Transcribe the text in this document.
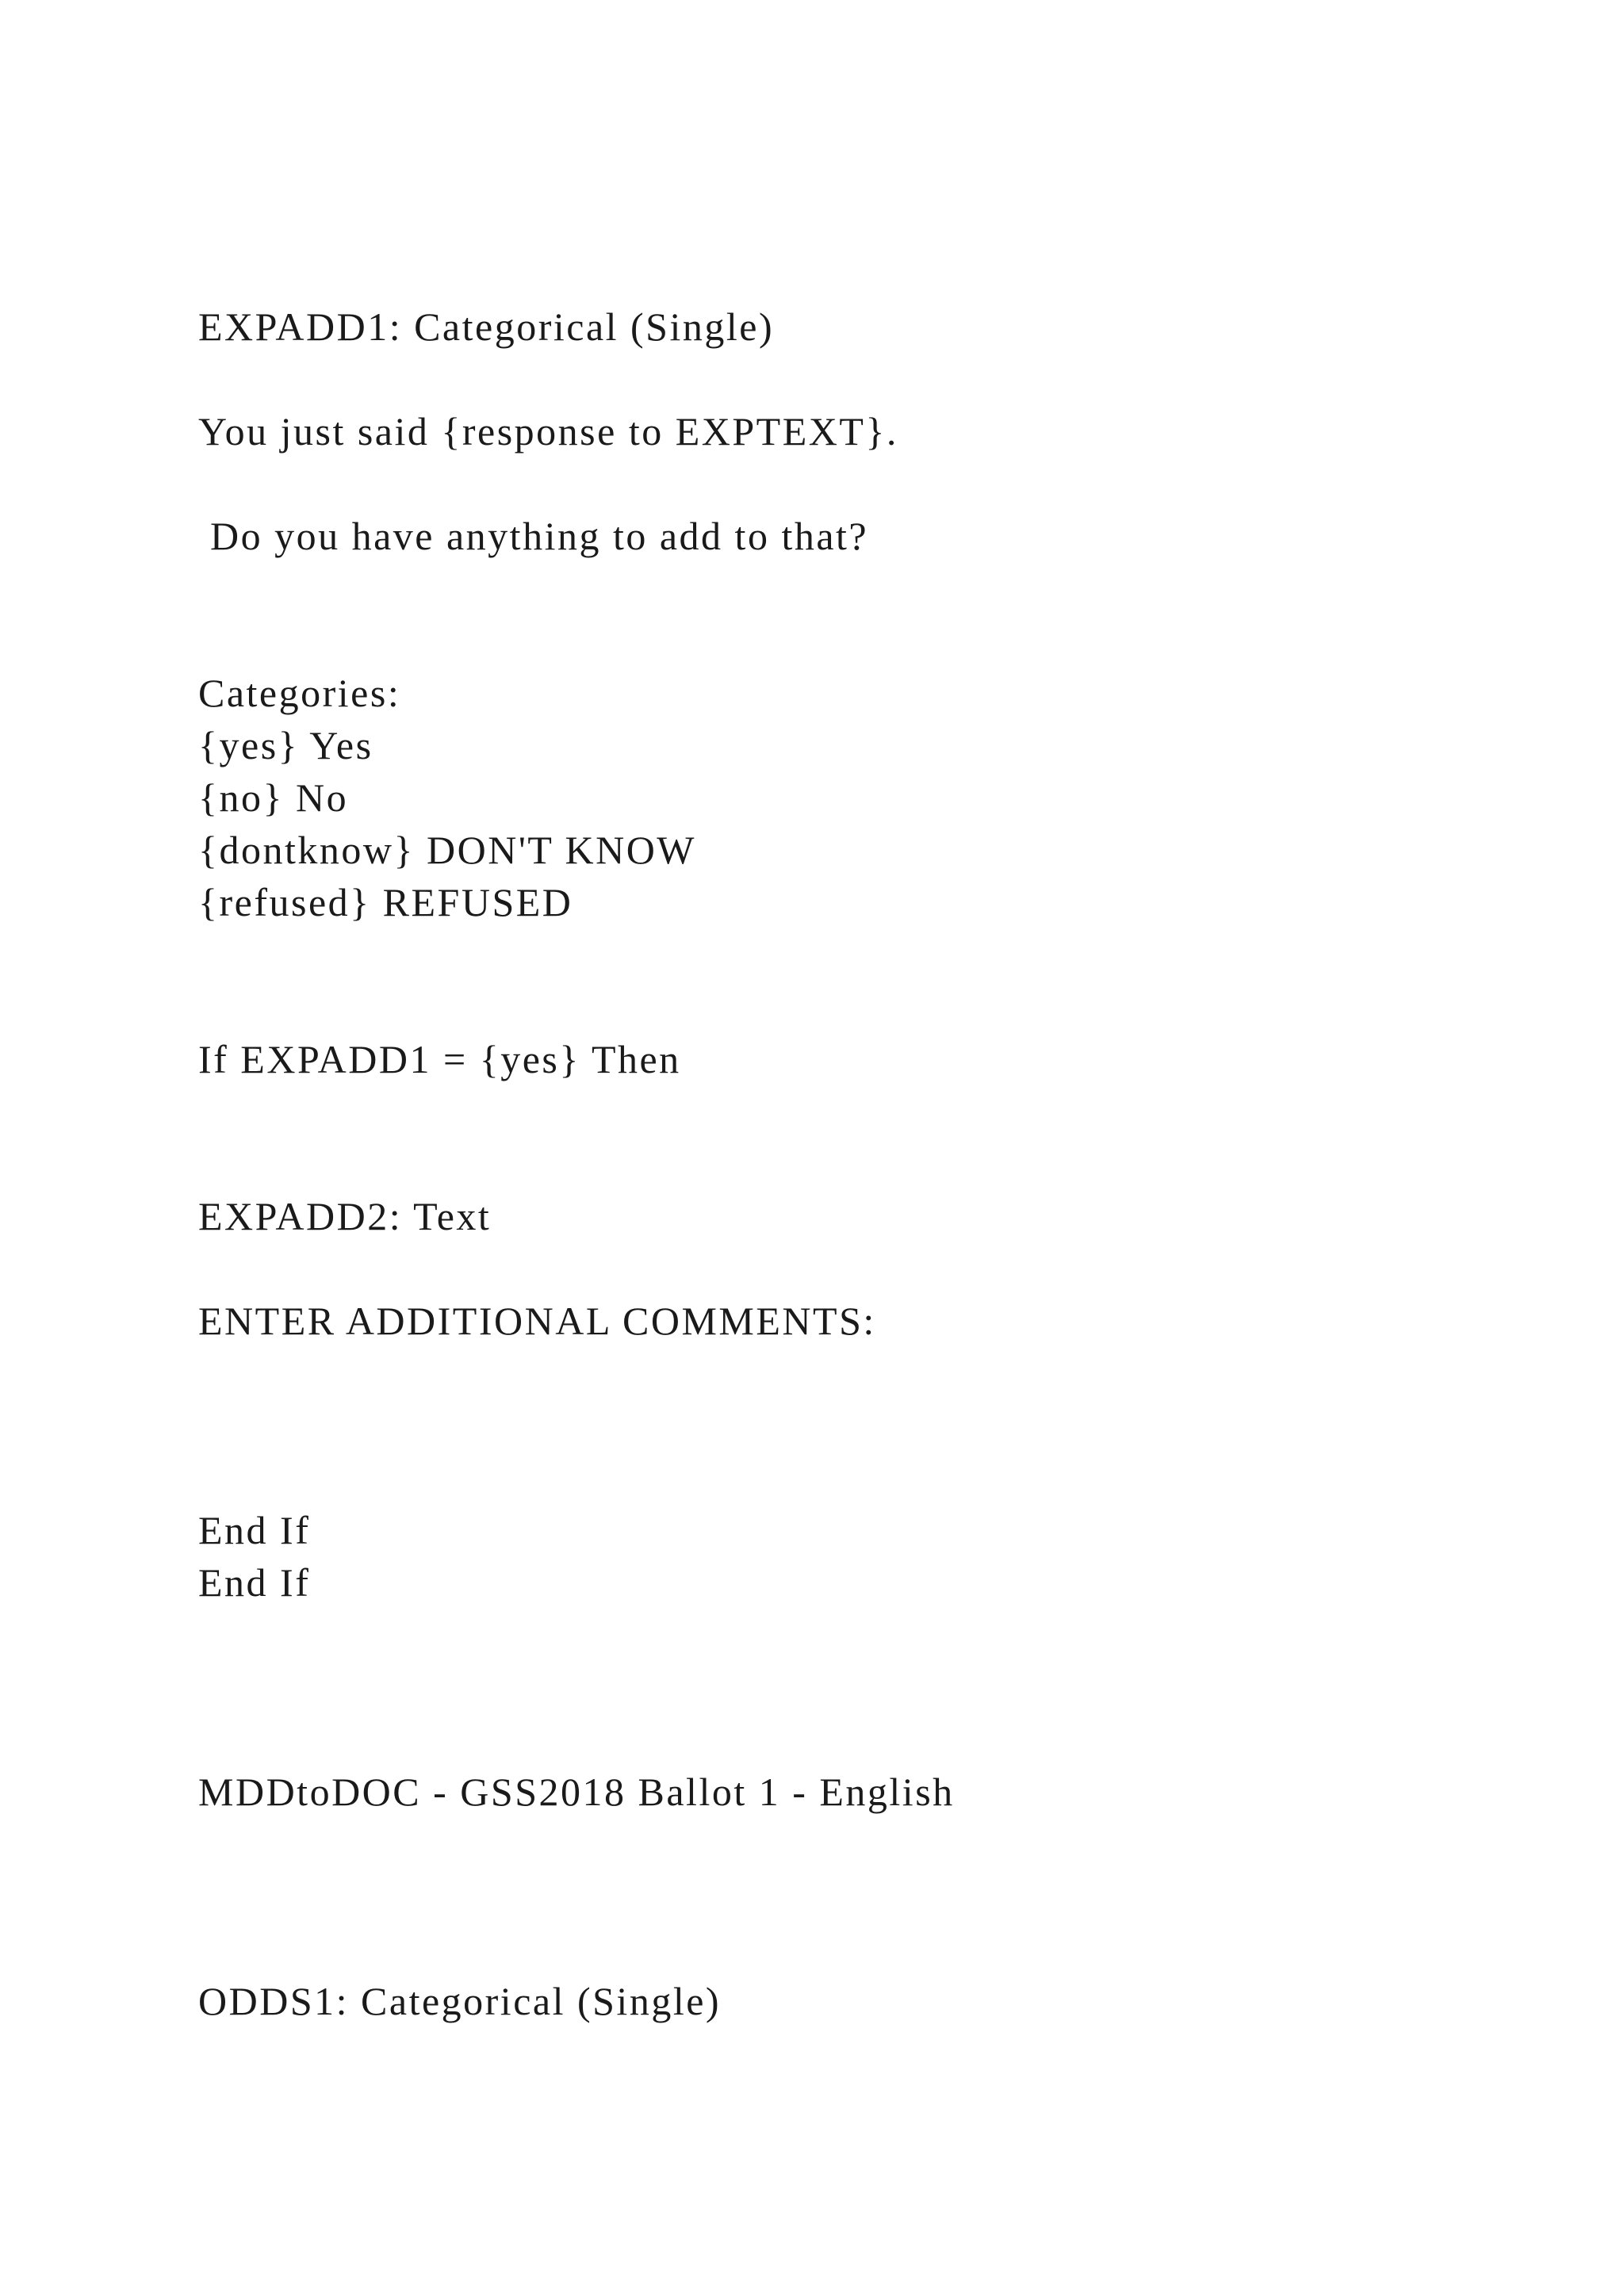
EXPADD1: Categorical (Single)
You just said {response to EXPTEXT}.
Do you have anything to add to that?
Categories:
{yes} Yes
{no} No
{dontknow} DON'T KNOW
{refused} REFUSED
If EXPADD1 = {yes} Then
EXPADD2: Text
ENTER ADDITIONAL COMMENTS:
End If
End If
MDDtoDOC - GSS2018 Ballot 1 - English
ODDS1: Categorical (Single)
